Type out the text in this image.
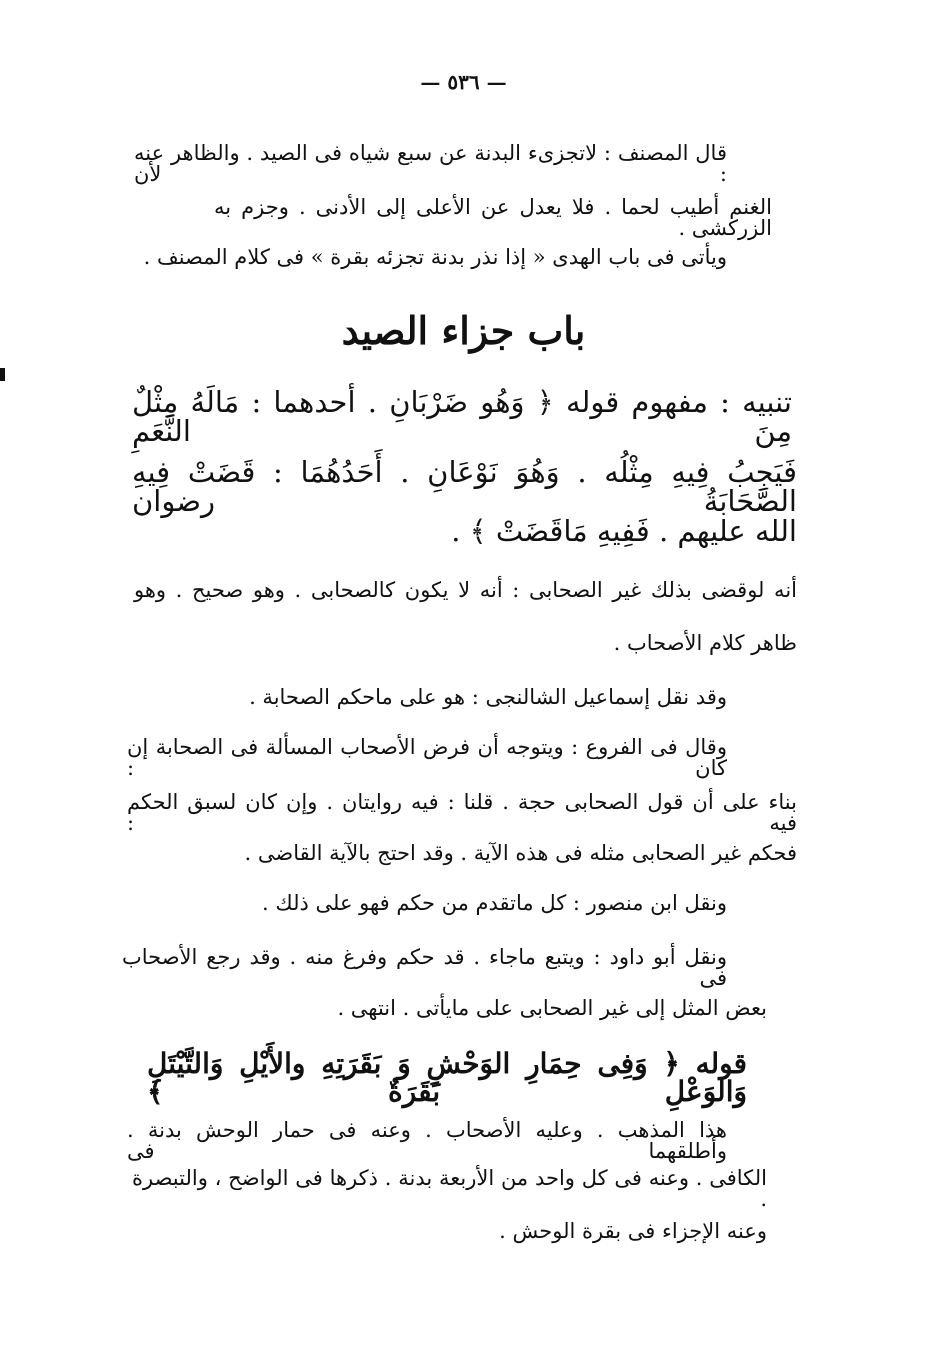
— ٥٣٦ —
قال المصنف : لاتجزىء البدنة عن سبع شياه فى الصيد . والظاهر عنه : لأن
الغنم أطيب لحما . فلا يعدل عن الأعلى إلى الأدنى . وجزم به الزركشى .
ويأتى فى باب الهدى « إذا نذر بدنة تجزئه بقرة » فى كلام المصنف .
باب جزاء الصيد
تنبيه : مفهوم قوله ﴿ وَهُو ضَرْبَانِ . أحدهما : مَالَهُ مِثْلٌ مِنَ النَّعَمِ
فَيَجِبُ فِيهِ مِثْلُه . وَهُوَ نَوْعَانِ . أَحَدُهُمَا : قَضَتْ فِيهِ الصَّحَابَةُ رضوان
الله عليهم . فَفِيهِ مَاقَضَتْ ﴾ .
أنه لوقضى بذلك غير الصحابى : أنه لا يكون كالصحابى . وهو صحيح . وهو
ظاهر كلام الأصحاب .
وقد نقل إسماعيل الشالنجى : هو على ماحكم الصحابة .
وقال فى الفروع : ويتوجه أن فرض الأصحاب المسألة فى الصحابة إن كان :
بناء على أن قول الصحابى حجة . قلنا : فيه روايتان . وإن كان لسبق الحكم فيه :
فحكم غير الصحابى مثله فى هذه الآية . وقد احتج بالآية القاضى .
ونقل ابن منصور : كل ماتقدم من حكم فهو على ذلك .
ونقل أبو داود : ويتبع ماجاء . قد حكم وفرغ منه . وقد رجع الأصحاب فى
بعض المثل إلى غير الصحابى على مايأتى . انتهى .
قوله ﴿ وَفِى حِمَارِ الوَحْشِ وَ بَقَرَتِهِ والأَيْلِ وَالتَّيْتَلِ وَالوَعْلِ بَقَرَةٌ ﴾
هذا المذهب . وعليه الأصحاب . وعنه فى حمار الوحش بدنة . وأطلقهما فى
الكافى . وعنه فى كل واحد من الأربعة بدنة . ذكرها فى الواضح ، والتبصرة .
وعنه الإجزاء فى بقرة الوحش .
